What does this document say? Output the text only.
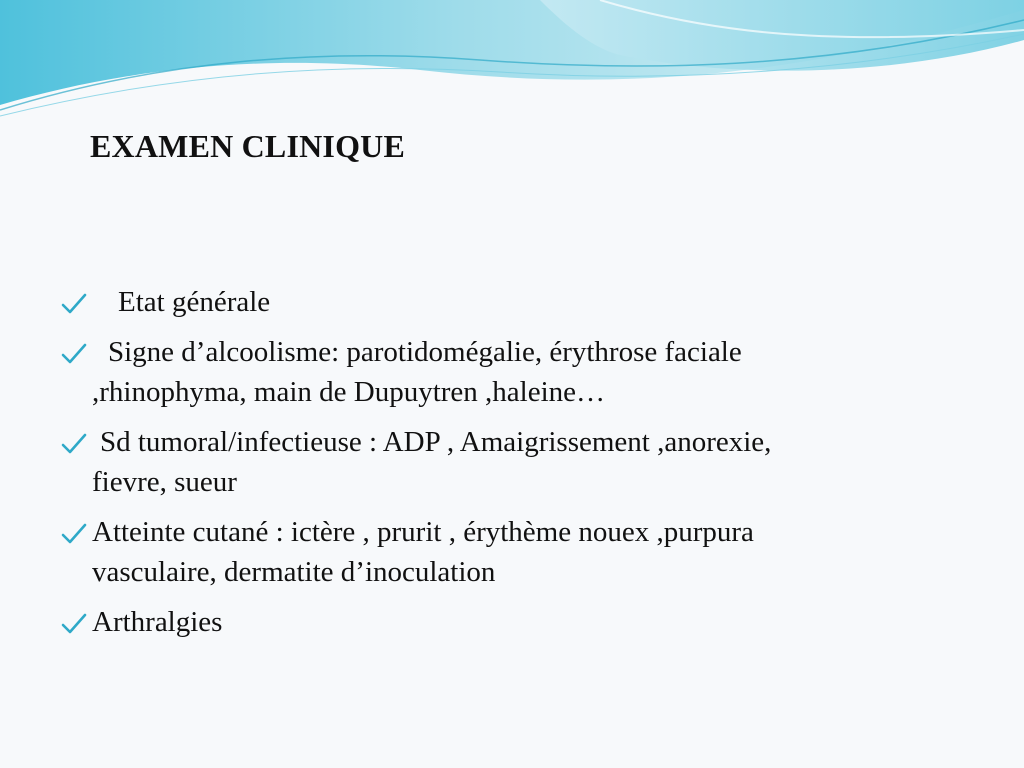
EXAMEN CLINIQUE
Etat générale
Signe d’alcoolisme: parotidomégalie, érythrose faciale
,rhinophyma, main de Dupuytren ,haleine…
Sd tumoral/infectieuse : ADP , Amaigrissement ,anorexie,
fievre, sueur
Atteinte cutané : ictère , prurit , érythème nouex ,purpura
vasculaire, dermatite d’inoculation
Arthralgies
